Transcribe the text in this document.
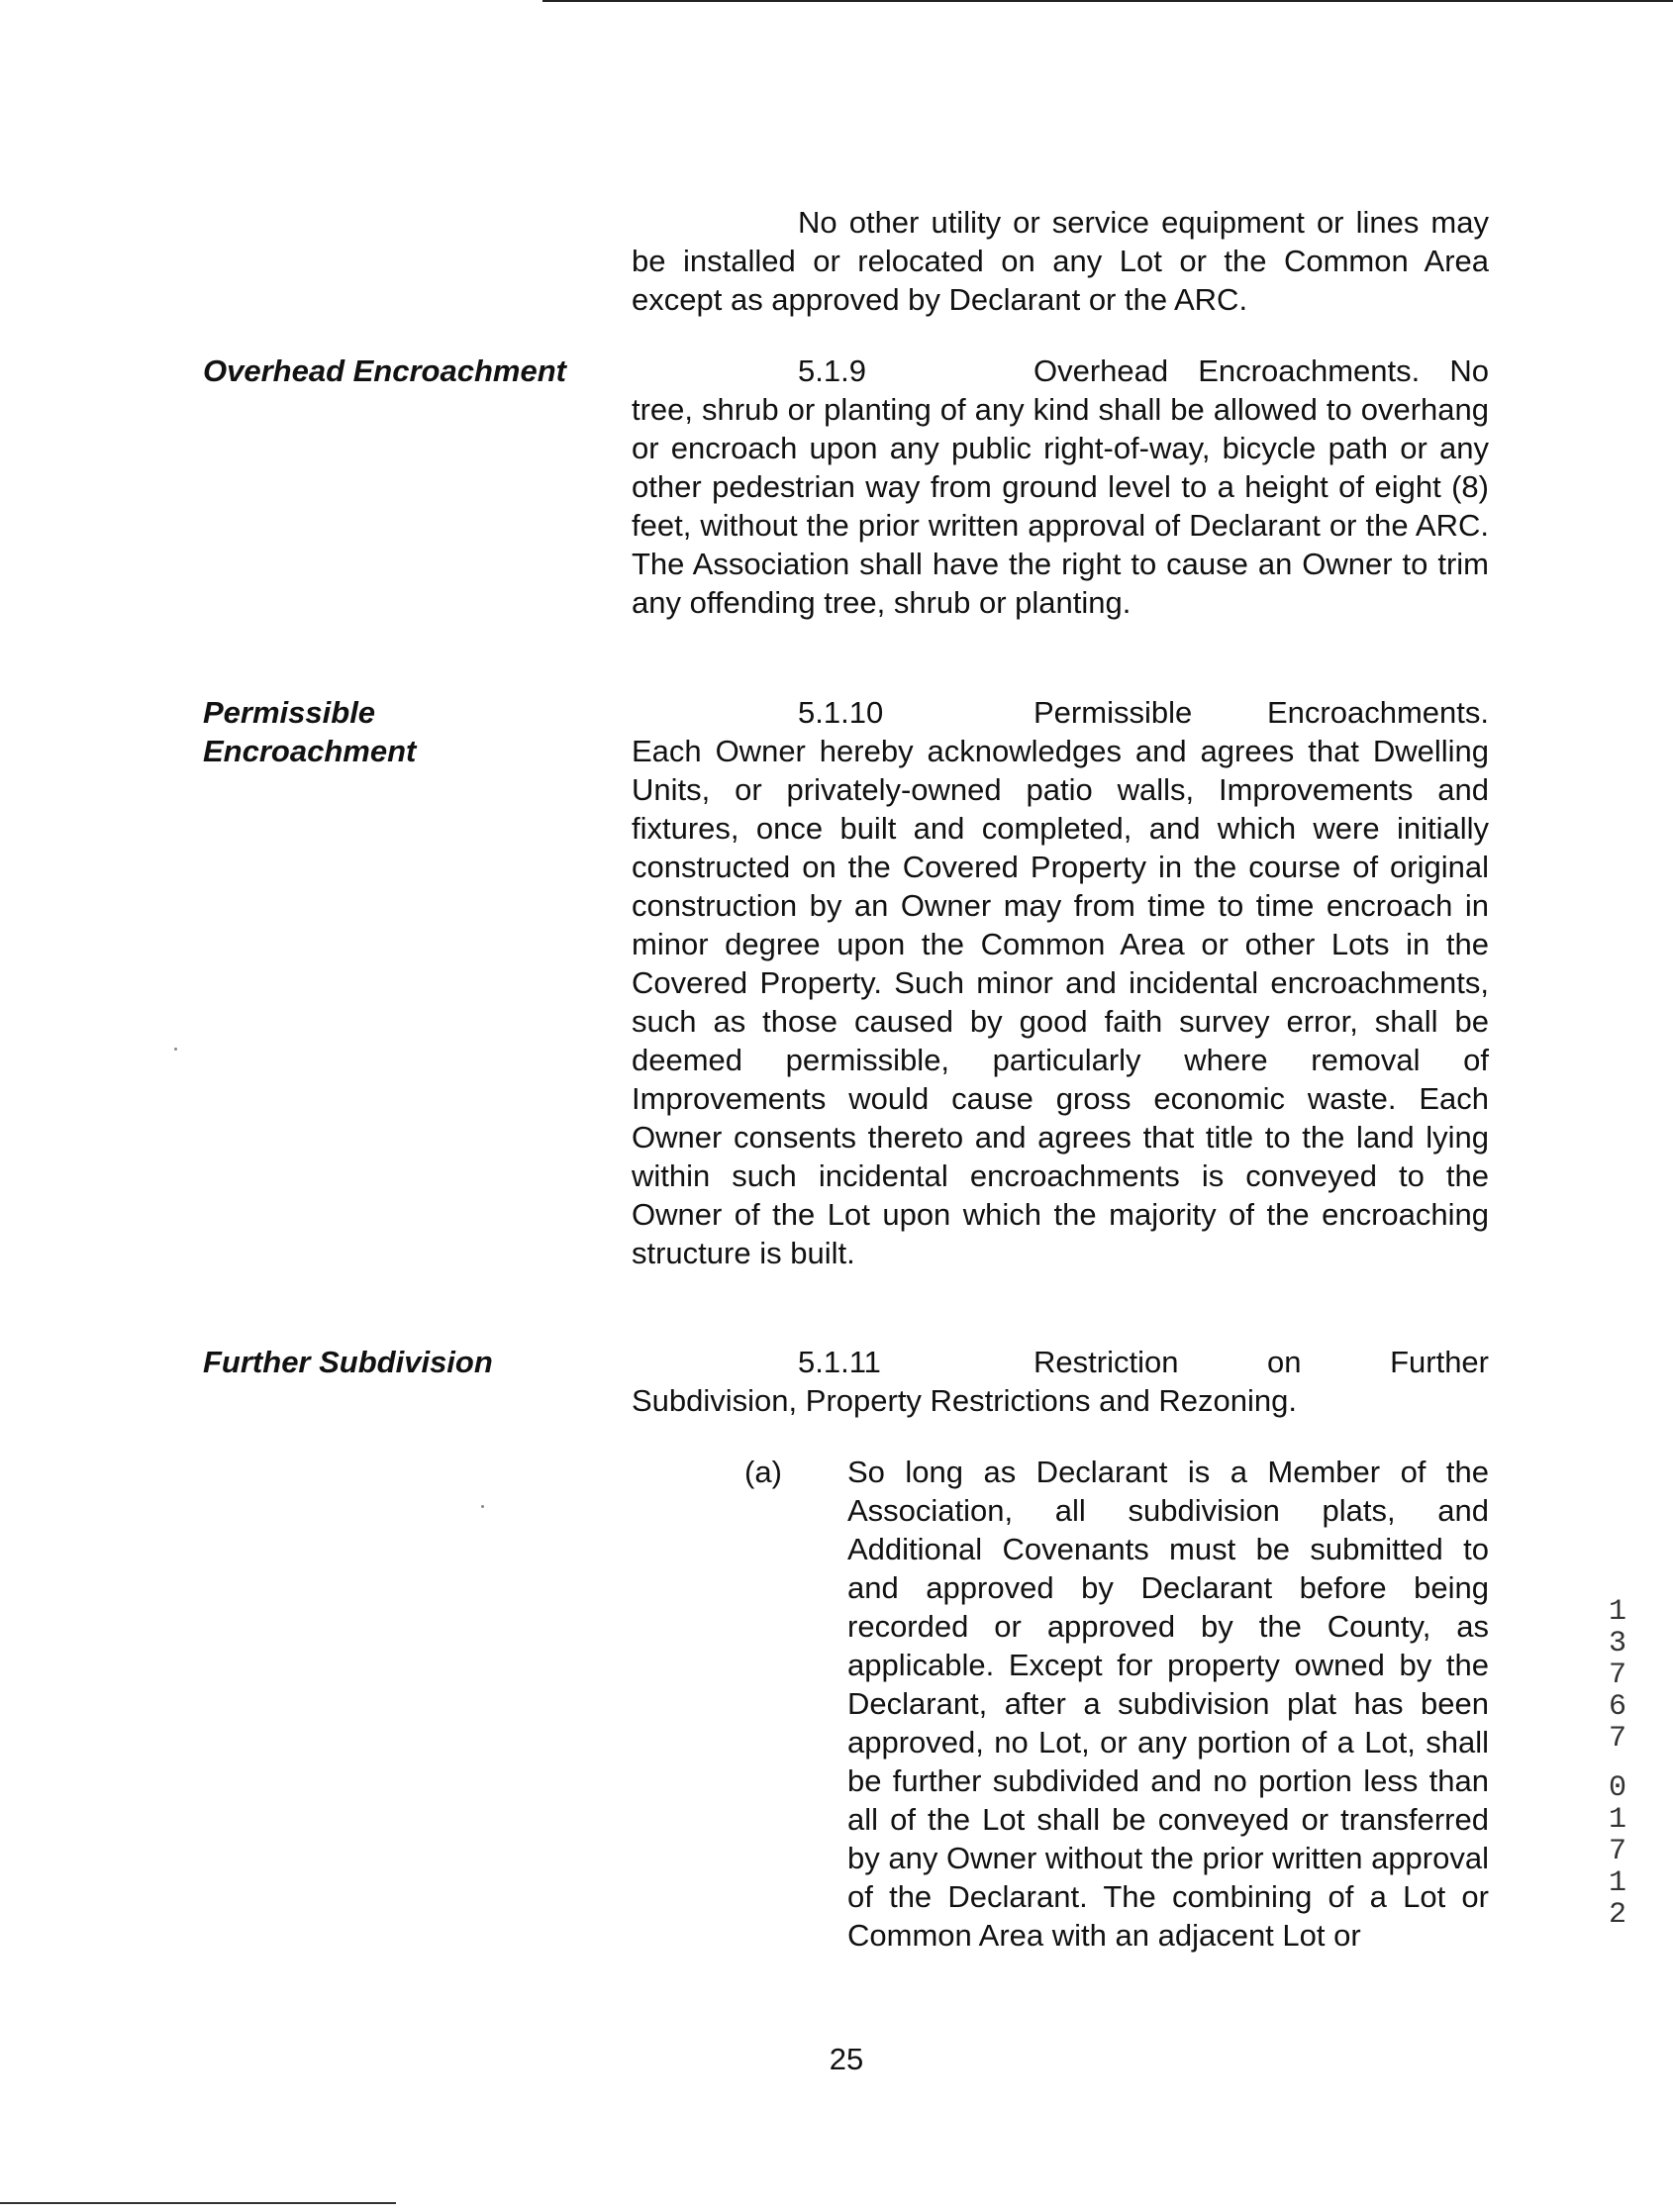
No other utility or service equipment or lines may be installed or relocated on any Lot or the Common Area except as approved by Declarant or the ARC.

Overhead Encroachment	5.1.9	Overhead Encroachments. No tree, shrub or planting of any kind shall be allowed to overhang or encroach upon any public right-of-way, bicycle path or any other pedestrian way from ground level to a height of eight (8) feet, without the prior written approval of Declarant or the ARC. The Association shall have the right to cause an Owner to trim any offending tree, shrub or planting.

Permissible
Encroachment

5.1.10	Permissible Encroachments. Each Owner hereby acknowledges and agrees that Dwelling Units, or privately-owned patio walls, Improvements and fixtures, once built and completed, and which were initially constructed on the Covered Property in the course of original construction by an Owner may from time to time encroach in minor degree upon the Common Area or other Lots in the Covered Property. Such minor and incidental encroachments, such as those caused by good faith survey error, shall be deemed permissible, particularly where removal of Improvements would cause gross economic waste. Each Owner consents thereto and agrees that title to the land lying within such incidental encroachments is conveyed to the Owner of the Lot upon which the majority of the encroaching structure is built.

Further Subdivision	5.1.11	Restriction on Further
Subdivision, Property Restrictions and Rezoning.
(a) So long as Declarant is a Member of the Association, all subdivision plats, and Additional Covenants must be submitted to and approved by Declarant before being recorded or approved by the County, as applicable. Except for property owned by the Declarant, after a subdivision plat has been approved, no Lot, or any portion of a Lot, shall be further subdivided and no portion less than all of the Lot shall be conveyed or transferred by any Owner without the prior written approval of the Declarant. The combining of a Lot or Common Area with an adjacent Lot or

25

1
3
7
6
7
0
1
7
1
2
